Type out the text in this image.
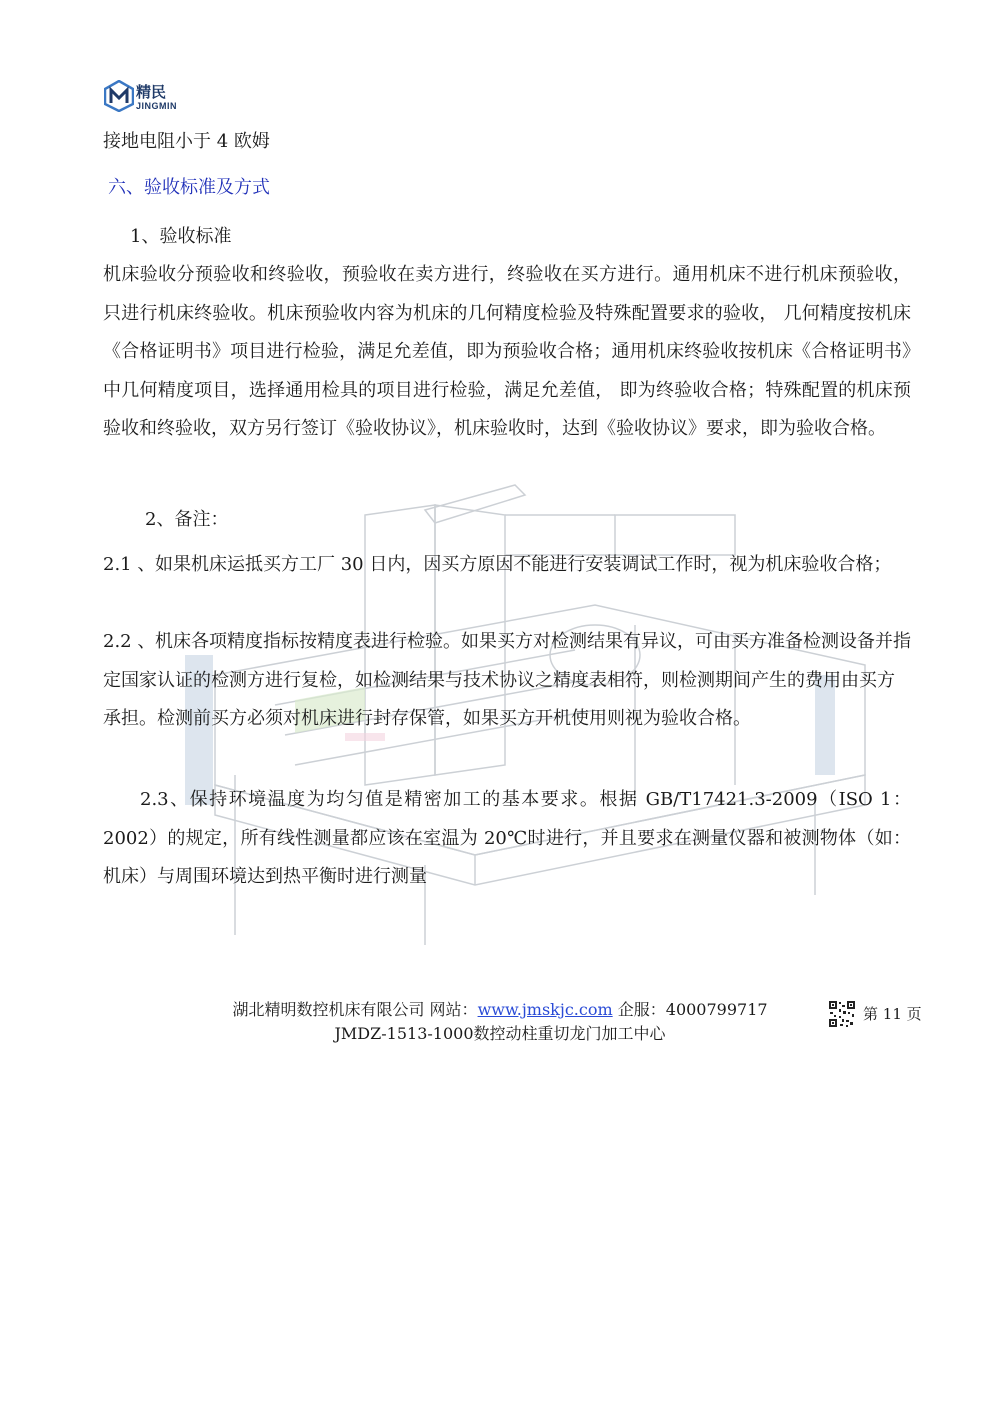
精民
JINGMIN
接地电阻小于 4 欧姆
六、验收标准及方式
1、验收标准
机床验收分预验收和终验收，预验收在卖方进行，终验收在买方进行。通用机床不进行机床预验收，只进行机床终验收。机床预验收内容为机床的几何精度检验及特殊配置要求的验收， 几何精度按机床《合格证明书》项目进行检验，满足允差值，即为预验收合格；通用机床终验收按机床《合格证明书》中几何精度项目，选择通用检具的项目进行检验，满足允差值， 即为终验收合格；特殊配置的机床预验收和终验收，双方另行签订《验收协议》，机床验收时，达到《验收协议》要求，即为验收合格。
2、备注：
2.1 、 如果机床运抵买方工厂 30 日内，因买方原因不能进行安装调试工作时，视为机床验收合格；
2.2 、 机床各项精度指标按精度表进行检验。如果买方对检测结果有异议，可由买方准备检测设备并指定国家认证的检测方进行复检，如检测结果与技术协议之精度表相符，则检测期间产生的费用由买方承担。检测前买方必须对机床进行封存保管，如果买方开机使用则视为验收合格。
2.3、保持环境温度为均匀值是精密加工的基本要求。根据 GB/T17421.3-2009（ISO 1：2002）的规定，所有线性测量都应该在室温为 20℃时进行，并且要求在测量仪器和被测物体（如：机床）与周围环境达到热平衡时进行测量
湖北精明数控机床有限公司 网站：www.jmskjc.com 企服：4000799717	第 11 页
JMDZ-1513-1000数控动柱重切龙门加工中心
